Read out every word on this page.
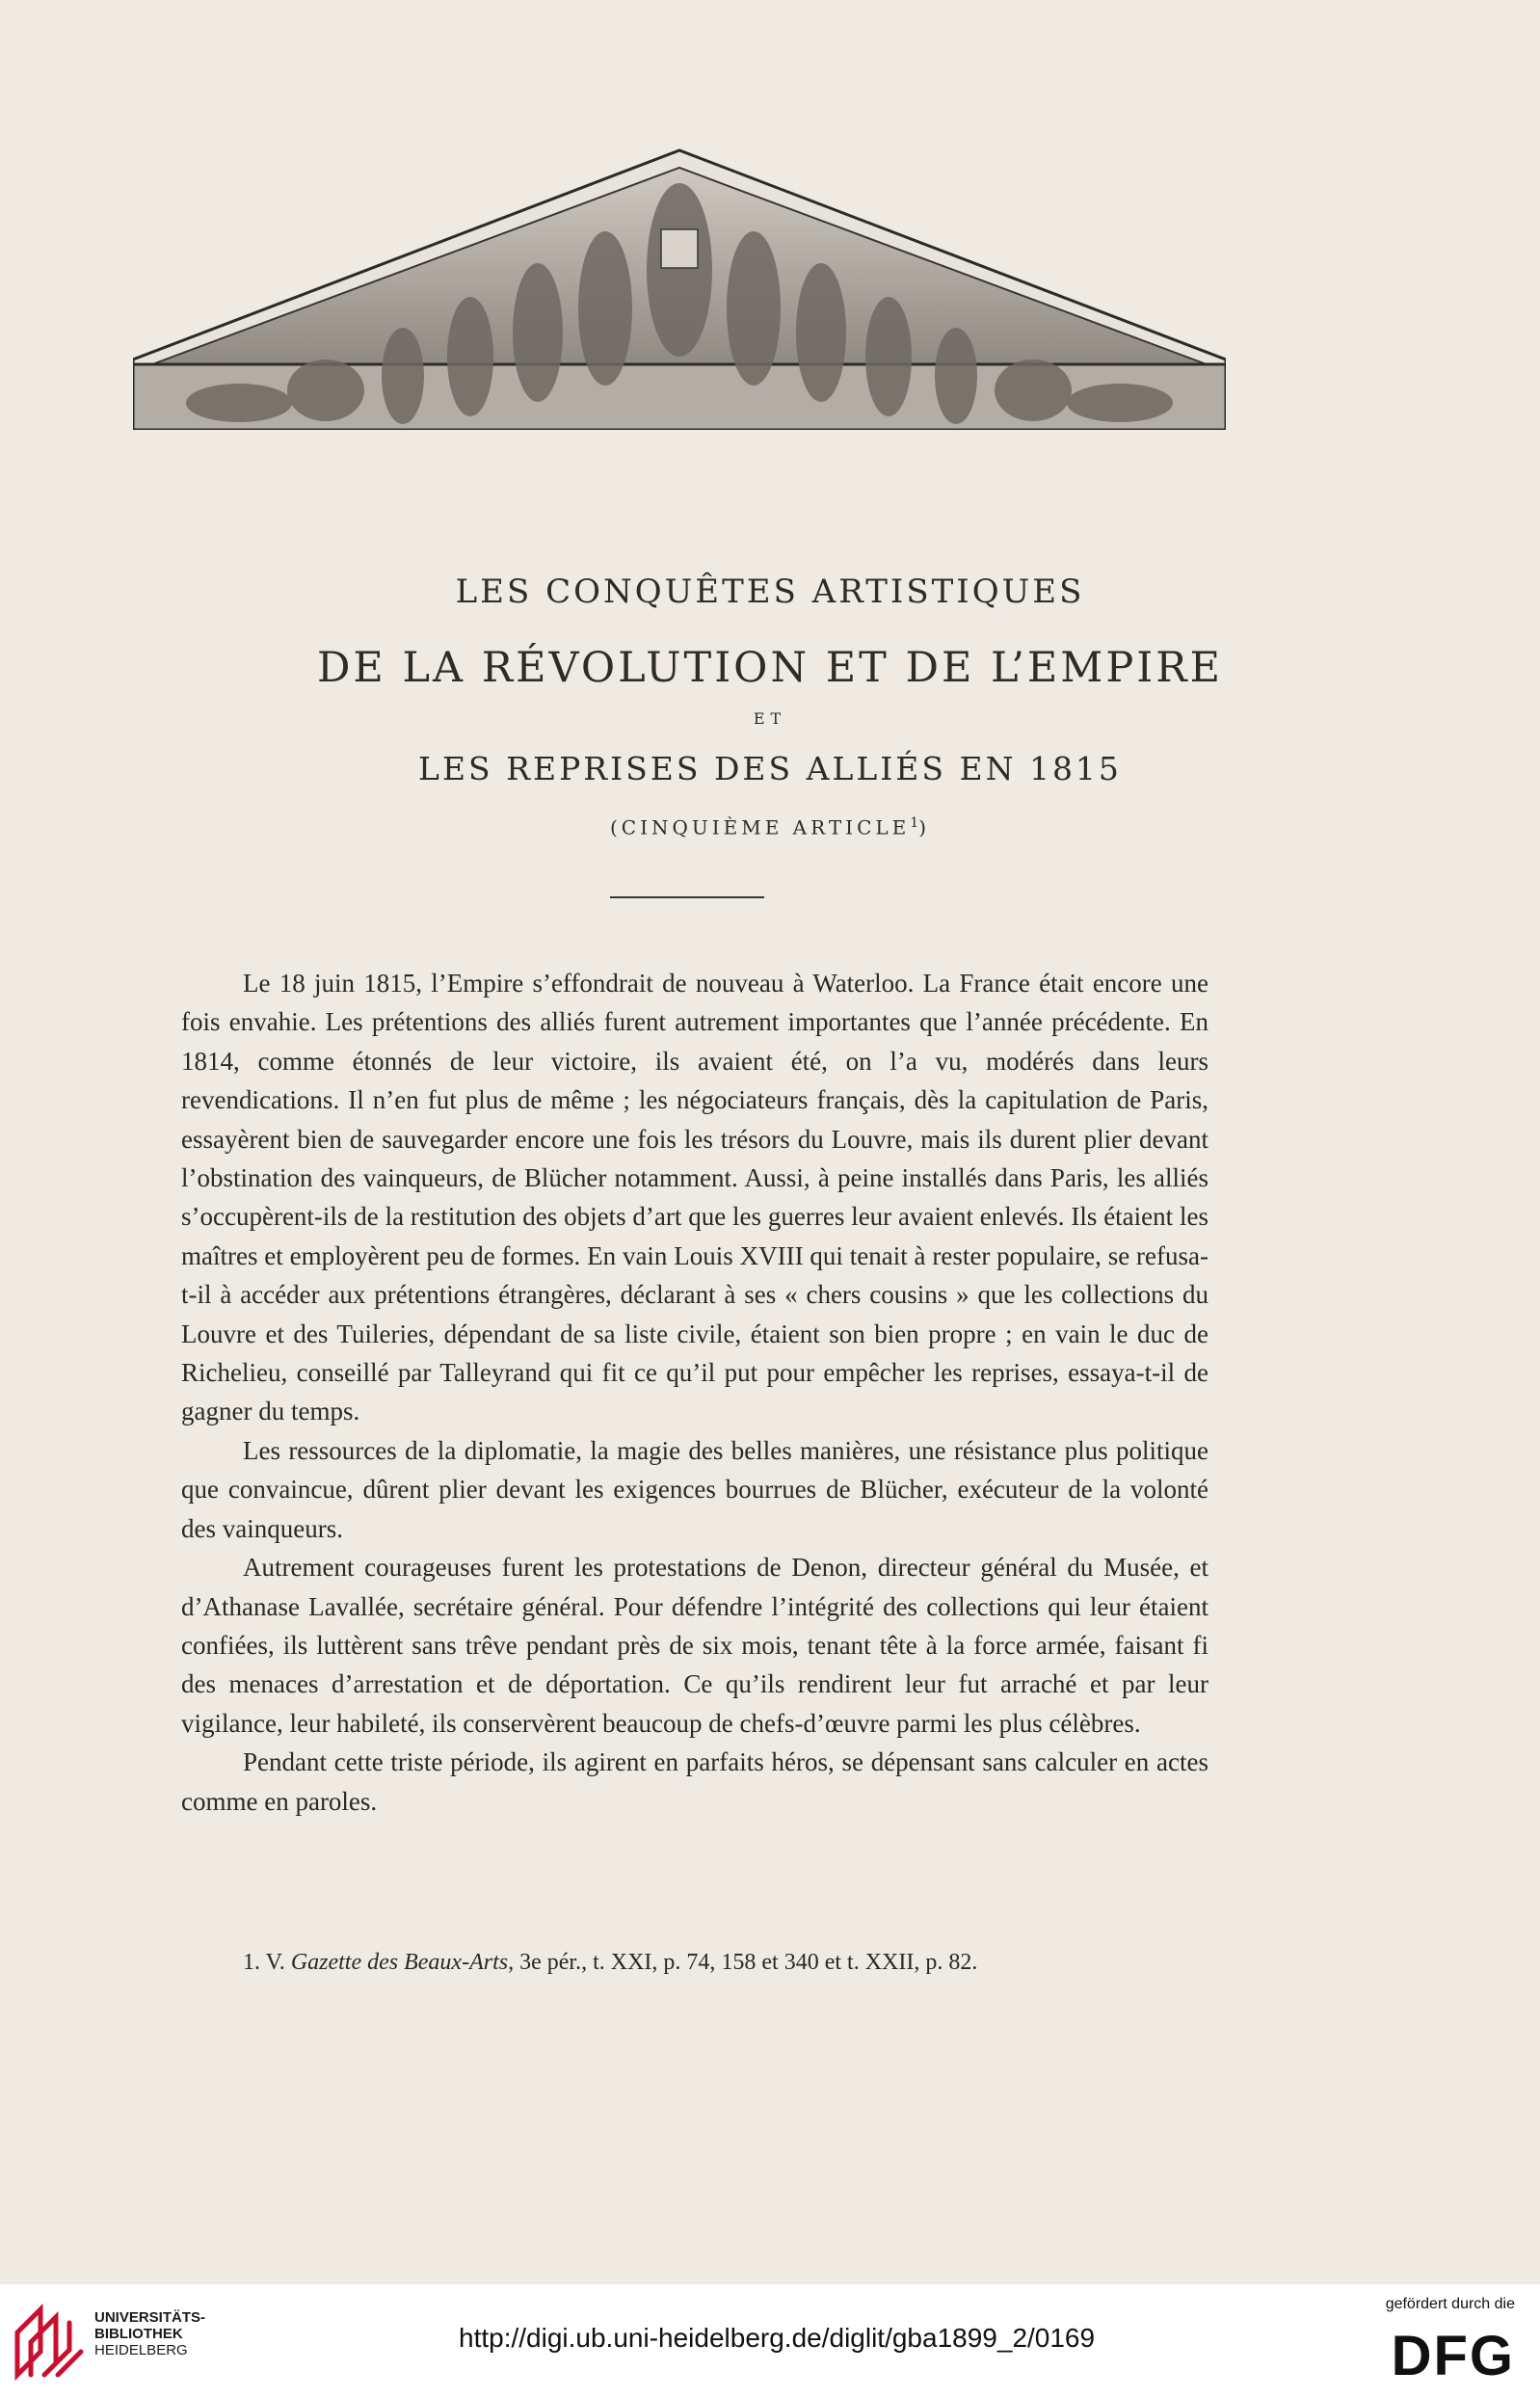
LES CONQUÊTES ARTISTIQUES
DE LA RÉVOLUTION ET DE L’EMPIRE
ET
LES REPRISES DES ALLIÉS EN 1815
(CINQUIÈME ARTICLE$^1$)

Le 18 juin 1815, l’Empire s’effondrait de nouveau à Waterloo. La France était encore une fois envahie. Les prétentions des alliés furent autrement importantes que l’année précédente. En 1814, comme étonnés de leur victoire, ils avaient été, on l’a vu, modérés dans leurs revendications. Il n’en fut plus de même ; les négociateurs français, dès la capitulation de Paris, essayèrent bien de sauvegarder encore une fois les trésors du Louvre, mais ils durent plier devant l’obstination des vainqueurs, de Blücher notamment. Aussi, à peine installés dans Paris, les alliés s’occupèrent-ils de la restitution des objets d’art que les guerres leur avaient enlevés. Ils étaient les maîtres et employèrent peu de formes. En vain Louis XVIII qui tenait à rester populaire, se refusa-t-il à accéder aux prétentions étrangères, déclarant à ses « chers cousins » que les collections du Louvre et des Tuileries, dépendant de sa liste civile, étaient son bien propre ; en vain le duc de Richelieu, conseillé par Talleyrand qui fit ce qu’il put pour empêcher les reprises, essaya-t-il de gagner du temps.

Les ressources de la diplomatie, la magie des belles manières, une résistance plus politique que convaincue, dûrent plier devant les exigences bourrues de Blücher, exécuteur de la volonté des vainqueurs.

Autrement courageuses furent les protestations de Denon, directeur général du Musée, et d’Athanase Lavallée, secrétaire général. Pour défendre l’intégrité des collections qui leur étaient confiées, ils luttèrent sans trêve pendant près de six mois, tenant tête à la force armée, faisant fi des menaces d’arrestation et de déportation. Ce qu’ils rendirent leur fut arraché et par leur vigilance, leur habileté, ils conservèrent beaucoup de chefs-d’œuvre parmi les plus célèbres.

Pendant cette triste période, ils agirent en parfaits héros, se dépensant sans calculer en actes comme en paroles.

1. V. Gazette des Beaux-Arts, 3e pér., t. XXI, p. 74, 158 et 340 et t. XXII, p. 82.
UNIVERSITÄTS-
BIBLIOTHEK
HEIDELBERG	http://digi.ub.uni-heidelberg.de/diglit/gba1899_2/0169
gefördert durch die
DFG
